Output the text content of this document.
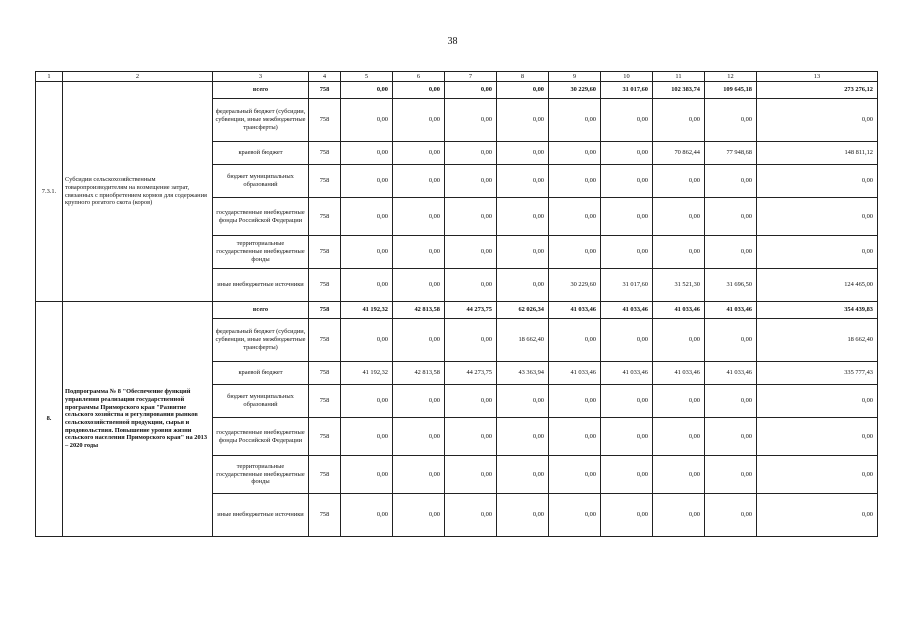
38
1	2	3	4	5	6	7	8	9	10	11	12	13
7.3.1.	Субсидии сельскохозяйственным товаропроизводителям на возмещение затрат, связанных с приобретением кормов для содержания крупного рогатого скота (коров)	всего	758	0,00	0,00	0,00	0,00	30 229,60	31 017,60	102 383,74	109 645,18	273 276,12
		федеральный бюджет (субсидии, субвенции, иные межбюджетные трансферты)	758	0,00	0,00	0,00	0,00	0,00	0,00	0,00	0,00	0,00
		краевой бюджет	758	0,00	0,00	0,00	0,00	0,00	0,00	70 862,44	77 948,68	148 811,12
		бюджет муниципальных образований	758	0,00	0,00	0,00	0,00	0,00	0,00	0,00	0,00	0,00
		государственные внебюджетные фонды Российской Федерации	758	0,00	0,00	0,00	0,00	0,00	0,00	0,00	0,00	0,00
		территориальные государственные внебюджетные фонды	758	0,00	0,00	0,00	0,00	0,00	0,00	0,00	0,00	0,00
		иные внебюджетные источники	758	0,00	0,00	0,00	0,00	30 229,60	31 017,60	31 521,30	31 696,50	124 465,00
8.	Подпрограмма № 8 "Обеспечение функций управления реализации государственной программы Приморского края "Развитие сельского хозяйства и регулирования рынков сельскохозяйственной продукции, сырья и продовольствия. Повышение уровня жизни сельского населения Приморского края" на 2013 – 2020 годы	всего	758	41 192,32	42 813,58	44 273,75	62 026,34	41 033,46	41 033,46	41 033,46	41 033,46	354 439,83
		федеральный бюджет (субсидии, субвенции, иные межбюджетные трансферты)	758	0,00	0,00	0,00	18 662,40	0,00	0,00	0,00	0,00	18 662,40
		краевой бюджет	758	41 192,32	42 813,58	44 273,75	43 363,94	41 033,46	41 033,46	41 033,46	41 033,46	335 777,43
		бюджет муниципальных образований	758	0,00	0,00	0,00	0,00	0,00	0,00	0,00	0,00	0,00
		государственные внебюджетные фонды Российской Федерации	758	0,00	0,00	0,00	0,00	0,00	0,00	0,00	0,00	0,00
		территориальные государственные внебюджетные фонды	758	0,00	0,00	0,00	0,00	0,00	0,00	0,00	0,00	0,00
		иные внебюджетные источники	758	0,00	0,00	0,00	0,00	0,00	0,00	0,00	0,00	0,00
